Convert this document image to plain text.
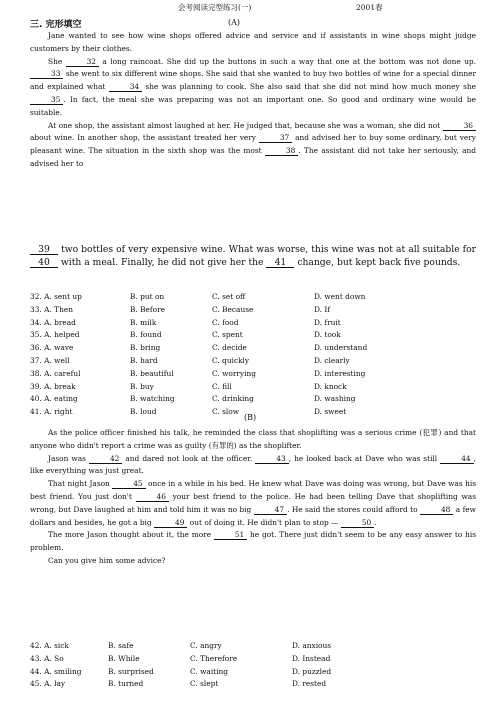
会考阅读完型练习(一)	2001春
三. 完形填空	(A)

Jane wanted to see how wine shops offered advice and service and if assistants in wine shops might judge customers by their clothes.

She	32 a long raincoat. She did up the buttons in such a way that one at the bottom was not done up. 33 she went to six different wine shops. She said that she wanted to buy two bottles of wine for a special dinner and explained what	34 she was planning to cook. She also said that she did not mind how much money she 35 . In fact, the meal she was preparing was not an important one. So good and ordinary wine would be suitable.

At one shop, the assistant almost laughed at her. He judged that, because she was a woman, she did not	36 about wine. In another shop, the assistant treated her very	37 and advised her to buy some ordinary, but very pleasant wine. The situation in the sixth shop was the most	38 . The assistant did not take her seriously, and advised her to

39 two bottles of very expensive wine. What was worse, this wine was not at all suitable for 40 with a meal. Finally, he did not give her the 41 change, but kept back five pounds.

32. A. sent up	B. put on	C. set off	D. went down
33. A. Then	B. Before	C. Because	D. If
34. A. bread	B. milk	C. food	D. fruit
35. A. helped	B. found	C. spent	D. took
36. A. wave	B. bring	C. decide	D. understand
37. A. well	B. hard	C. quickly	D. clearly
38. A. careful	B. beautiful	C. worrying	D. interesting
39. A. break	B. buy	C. fill	D. knock
40. A. eating	B. watching	C. drinking	D. washing
41. A. right	B. loud	C. slow	D. sweet
(B)

As the police officer finished his talk, he reminded the class that shoplifting was a serious crime (犯罪) and that anyone who didn't report a crime was as guilty (有罪的) as the shoplifter.

Jason was	42 and dared not look at the officer.	43 , he looked back at Dave who was still	44 , like everything was just great.

That night Jason	45 once in a while in his bed. He knew what Dave was doing was wrong, but Dave was his best friend. You just don't	46 your best friend to the police. He had been telling Dave that shoplifting was wrong, but Dave laughed at him and told him it was no big	47 . He said the stores could afford to	48 a few dollars and besides, he got a big	49 out of doing it. He didn't plan to stop —	50 .

The more Jason thought about it, the more	51 he got. There just didn't seem to be any easy answer to his problem.

Can you give him some advice?

42. A. sick	B. safe	C. angry	D. anxious
43. A. So	B. While	C. Therefore	D. Instead
44. A. smiling	B. surprised	C. waiting	D. puzzled
45. A. lay	B. turned	C. slept	D. rested
